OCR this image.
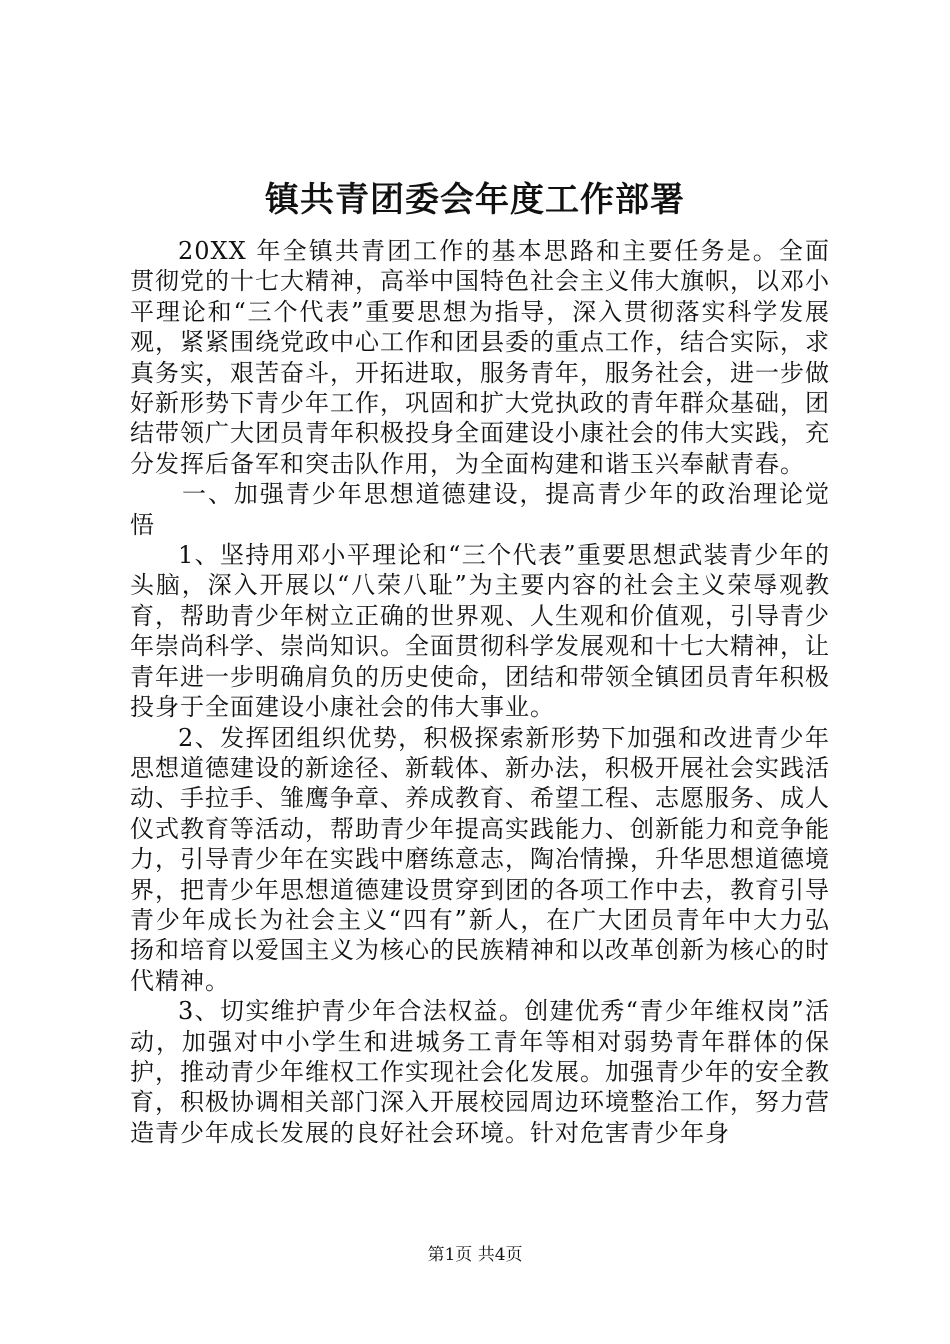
镇共青团委会年度工作部署

20XX 年全镇共青团工作的基本思路和主要任务是。全面贯彻党的十七大精神，高举中国特色社会主义伟大旗帜，以邓小平理论和“三个代表”重要思想为指导，深入贯彻落实科学发展观，紧紧围绕党政中心工作和团县委的重点工作，结合实际，求真务实，艰苦奋斗，开拓进取，服务青年，服务社会，进一步做好新形势下青少年工作，巩固和扩大党执政的青年群众基础，团结带领广大团员青年积极投身全面建设小康社会的伟大实践，充分发挥后备军和突击队作用，为全面构建和谐玉兴奉献青春。

一、加强青少年思想道德建设，提高青少年的政治理论觉悟

1、坚持用邓小平理论和“三个代表”重要思想武装青少年的头脑，深入开展以“八荣八耻”为主要内容的社会主义荣辱观教育，帮助青少年树立正确的世界观、人生观和价值观，引导青少年崇尚科学、崇尚知识。全面贯彻科学发展观和十七大精神，让青年进一步明确肩负的历史使命，团结和带领全镇团员青年积极投身于全面建设小康社会的伟大事业。

2、发挥团组织优势，积极探索新形势下加强和改进青少年思想道德建设的新途径、新载体、新办法，积极开展社会实践活动、手拉手、雏鹰争章、养成教育、希望工程、志愿服务、成人仪式教育等活动，帮助青少年提高实践能力、创新能力和竞争能力，引导青少年在实践中磨练意志，陶冶情操，升华思想道德境界，把青少年思想道德建设贯穿到团的各项工作中去，教育引导青少年成长为社会主义“四有”新人，在广大团员青年中大力弘扬和培育以爱国主义为核心的民族精神和以改革创新为核心的时代精神。

3、切实维护青少年合法权益。创建优秀“青少年维权岗”活动，加强对中小学生和进城务工青年等相对弱势青年群体的保护，推动青少年维权工作实现社会化发展。加强青少年的安全教育，积极协调相关部门深入开展校园周边环境整治工作，努力营造青少年成长发展的良好社会环境。针对危害青少年身

第1页 共4页
